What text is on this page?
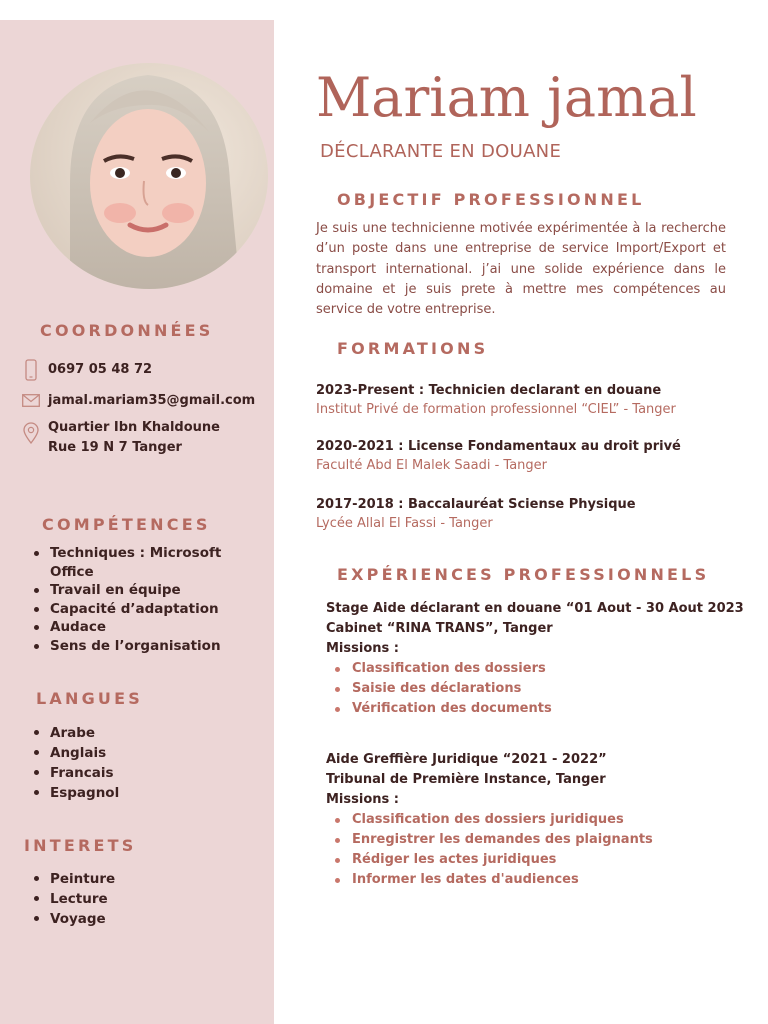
COORDONNÉES
0697 05 48 72
jamal.mariam35@gmail.com
Quartier Ibn Khaldoune
Rue 19 N 7 Tanger
COMPÉTENCES
Techniques : Microsoft Office
Travail en équipe
Capacité d’adaptation
Audace
Sens de l’organisation
LANGUES
Arabe
Anglais
Francais
Espagnol
INTERETS
Peinture
Lecture
Voyage
Mariam jamal
DÉCLARANTE EN DOUANE
OBJECTIF PROFESSIONNEL
Je suis une technicienne motivée expérimentée à la recherche d’un poste dans une entreprise de service Import/Export et transport international. j’ai une solide expérience dans le domaine et je suis prete à mettre mes compétences au service de votre entreprise.
FORMATIONS
2023-Present : Technicien declarant en douane
Institut Privé de formation professionnel “CIEL” - Tanger
2020-2021 : License Fondamentaux au droit privé
Faculté Abd El Malek Saadi - Tanger
2017-2018 : Baccalauréat Sciense Physique
Lycée Allal El Fassi - Tanger
EXPÉRIENCES PROFESSIONNELS
Stage Aide déclarant en douane “01 Aout - 30 Aout 2023
Cabinet “RINA TRANS”, Tanger
Missions :
Classification des dossiers
Saisie des déclarations
Vérification des documents
Aide Greffière Juridique “2021 - 2022”
Tribunal de Première Instance, Tanger
Missions :
Classification des dossiers juridiques
Enregistrer les demandes des plaignants
Rédiger les actes juridiques
Informer les dates d'audiences
